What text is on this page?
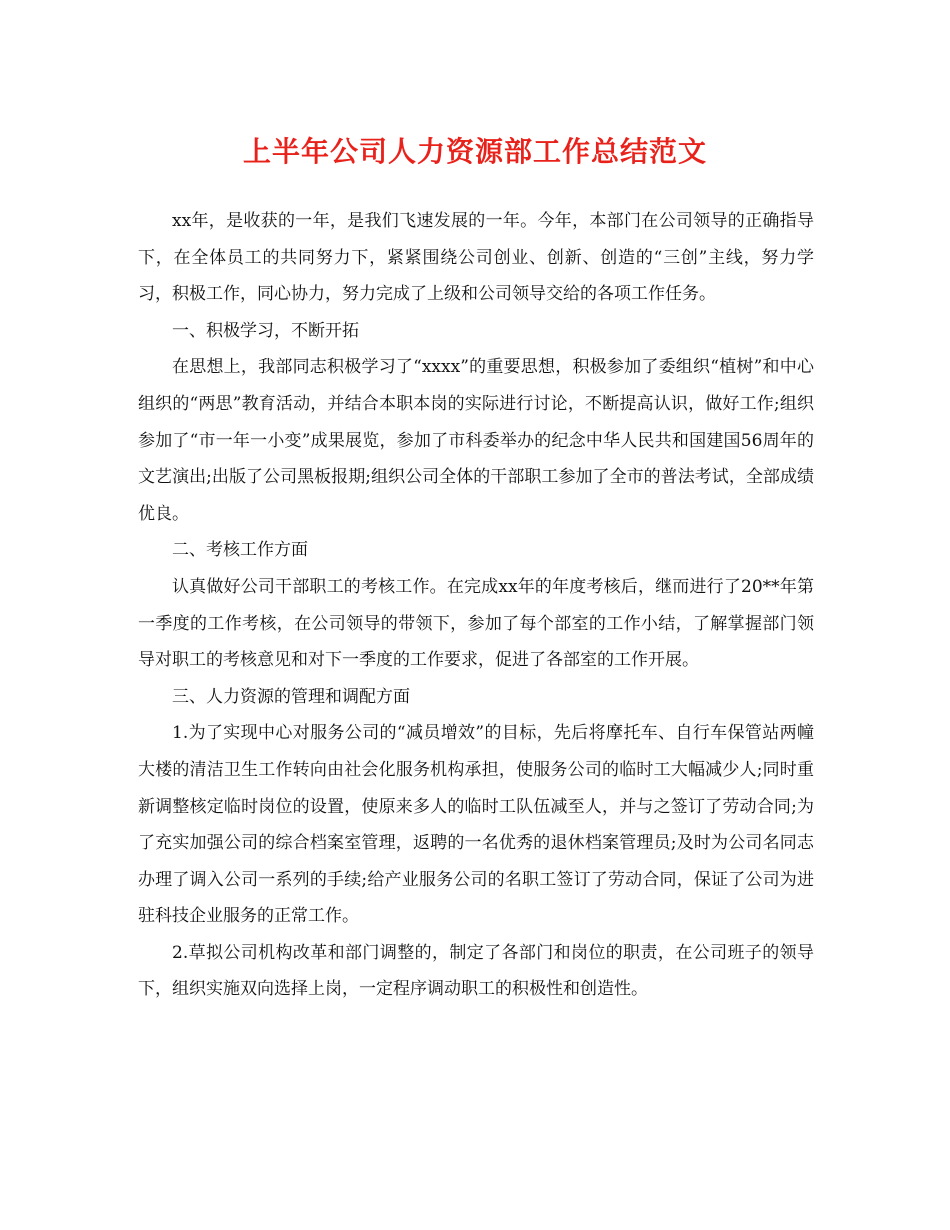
上半年公司人力资源部工作总结范文

xx年，是收获的一年，是我们飞速发展的一年。今年，本部门在公司领导的正确指导下，在全体员工的共同努力下，紧紧围绕公司创业、创新、创造的“三创”主线，努力学习，积极工作，同心协力，努力完成了上级和公司领导交给的各项工作任务。

一、积极学习，不断开拓

在思想上，我部同志积极学习了“xxxx”的重要思想，积极参加了委组织“植树”和中心组织的“两思”教育活动，并结合本职本岗的实际进行讨论，不断提高认识，做好工作;组织参加了“市一年一小变”成果展览，参加了市科委举办的纪念中华人民共和国建国56周年的文艺演出;出版了公司黑板报期;组织公司全体的干部职工参加了全市的普法考试，全部成绩优良。

二、考核工作方面

认真做好公司干部职工的考核工作。在完成xx年的年度考核后，继而进行了20**年第一季度的工作考核，在公司领导的带领下，参加了每个部室的工作小结，了解掌握部门领导对职工的考核意见和对下一季度的工作要求，促进了各部室的工作开展。

三、人力资源的管理和调配方面

1.为了实现中心对服务公司的“减员增效”的目标，先后将摩托车、自行车保管站两幢大楼的清洁卫生工作转向由社会化服务机构承担，使服务公司的临时工大幅减少人;同时重新调整核定临时岗位的设置，使原来多人的临时工队伍减至人，并与之签订了劳动合同;为了充实加强公司的综合档案室管理，返聘的一名优秀的退休档案管理员;及时为公司名同志办理了调入公司一系列的手续;给产业服务公司的名职工签订了劳动合同，保证了公司为进驻科技企业服务的正常工作。

2.草拟公司机构改革和部门调整的，制定了各部门和岗位的职责，在公司班子的领导下，组织实施双向选择上岗，一定程序调动职工的积极性和创造性。
